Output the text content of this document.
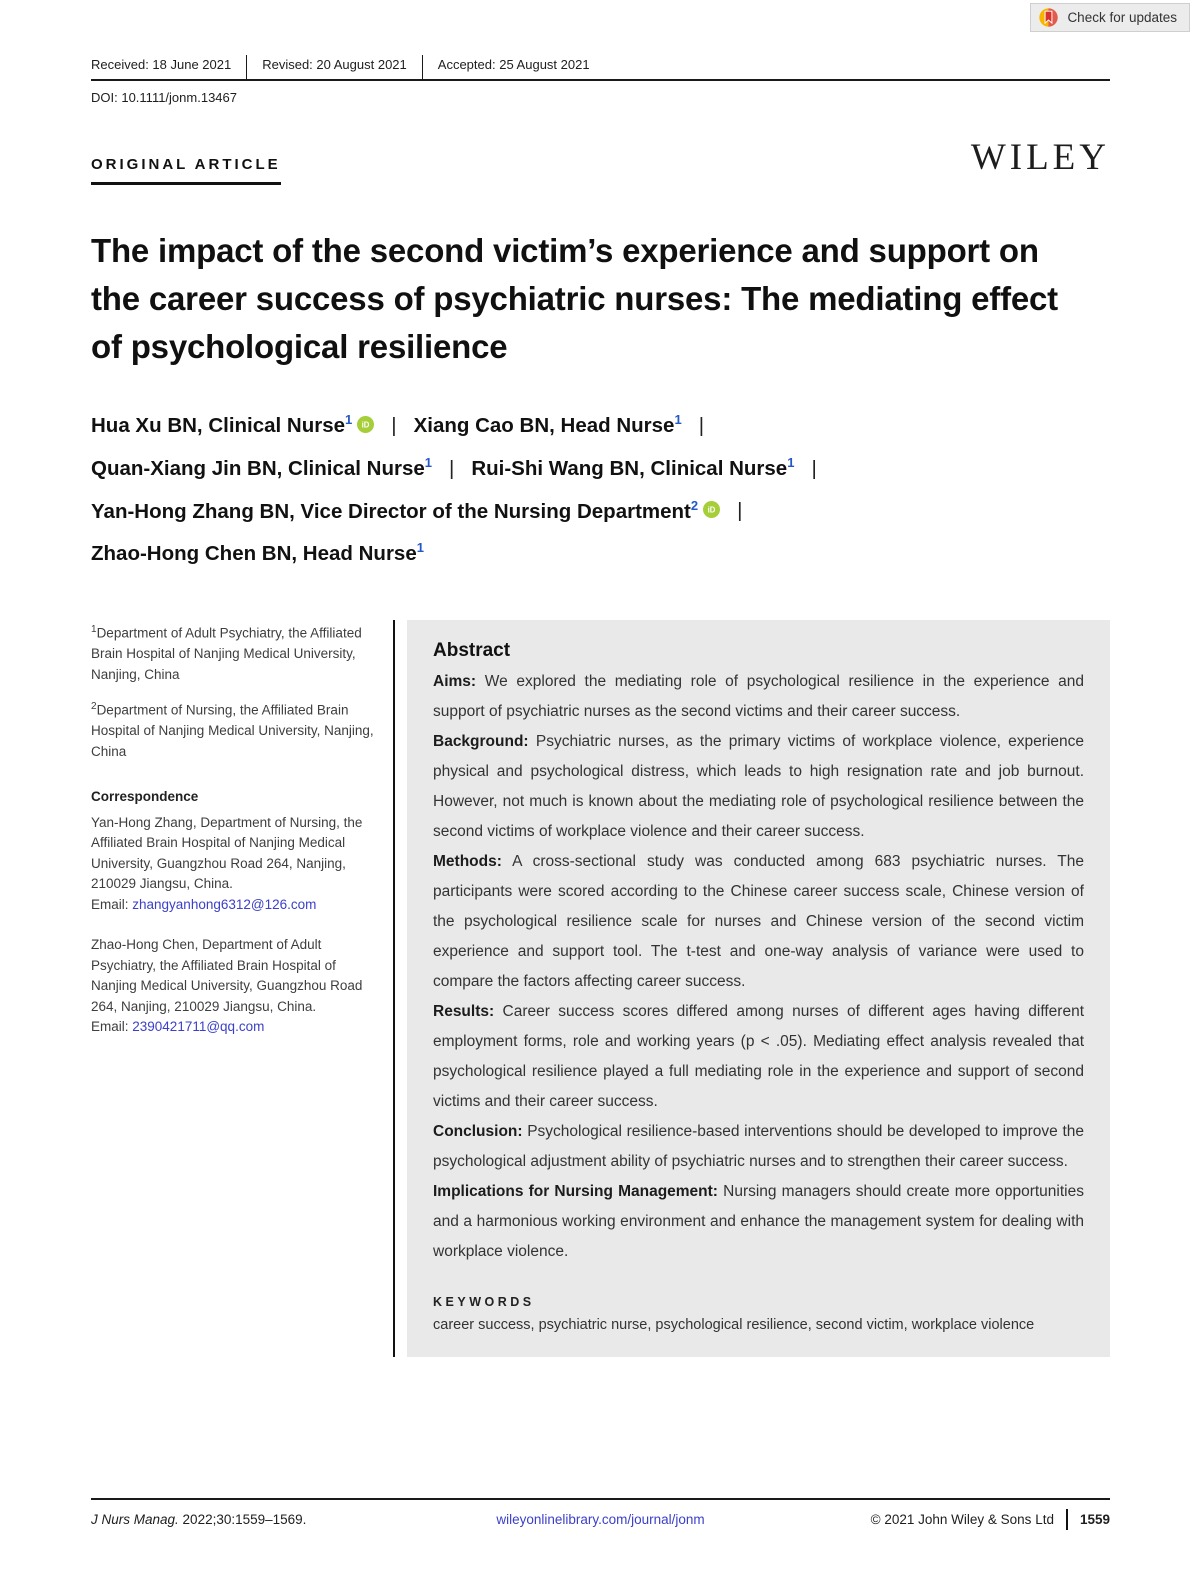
Check for updates
Received: 18 June 2021	Revised: 20 August 2021	Accepted: 25 August 2021
DOI: 10.1111/jonm.13467
ORIGINAL ARTICLE	WILEY
The impact of the second victim’s experience and support on the career success of psychiatric nurses: The mediating effect of psychological resilience
Hua Xu BN, Clinical Nurse$^1$ iD | Xiang Cao BN, Head Nurse$^1$ |
Quan-Xiang Jin BN, Clinical Nurse$^1$ | Rui-Shi Wang BN, Clinical Nurse$^1$ |
Yan-Hong Zhang BN, Vice Director of the Nursing Department$^2$ iD |
Zhao-Hong Chen BN, Head Nurse$^1$

$^1$Department of Adult Psychiatry, the Affiliated Brain Hospital of Nanjing Medical University, Nanjing, China

$^2$Department of Nursing, the Affiliated Brain Hospital of Nanjing Medical University, Nanjing, China

Correspondence
Yan-Hong Zhang, Department of Nursing, the Affiliated Brain Hospital of Nanjing Medical University, Guangzhou Road 264, Nanjing, 210029 Jiangsu, China.
Email: zhangyanhong6312@126.com
Zhao-Hong Chen, Department of Adult Psychiatry, the Affiliated Brain Hospital of Nanjing Medical University, Guangzhou Road 264, Nanjing, 210029 Jiangsu, China.
Email: 2390421711@qq.com
Abstract

Aims: We explored the mediating role of psychological resilience in the experience and support of psychiatric nurses as the second victims and their career success.

Background: Psychiatric nurses, as the primary victims of workplace violence, experience physical and psychological distress, which leads to high resignation rate and job burnout. However, not much is known about the mediating role of psychological resilience between the second victims of workplace violence and their career success.

Methods: A cross-sectional study was conducted among 683 psychiatric nurses. The participants were scored according to the Chinese career success scale, Chinese version of the psychological resilience scale for nurses and Chinese version of the second victim experience and support tool. The t-test and one-way analysis of variance were used to compare the factors affecting career success.

Results: Career success scores differed among nurses of different ages having different employment forms, role and working years (p < .05). Mediating effect analysis revealed that psychological resilience played a full mediating role in the experience and support of second victims and their career success.

Conclusion: Psychological resilience-based interventions should be developed to improve the psychological adjustment ability of psychiatric nurses and to strengthen their career success.

Implications for Nursing Management: Nursing managers should create more opportunities and a harmonious working environment and enhance the management system for dealing with workplace violence.

KEYWORDS
career success, psychiatric nurse, psychological resilience, second victim, workplace violence
J Nurs Manag. 2022;30:1559–1569.	wileyonlinelibrary.com/journal/jonm	© 2021 John Wiley & Sons Ltd 1559
